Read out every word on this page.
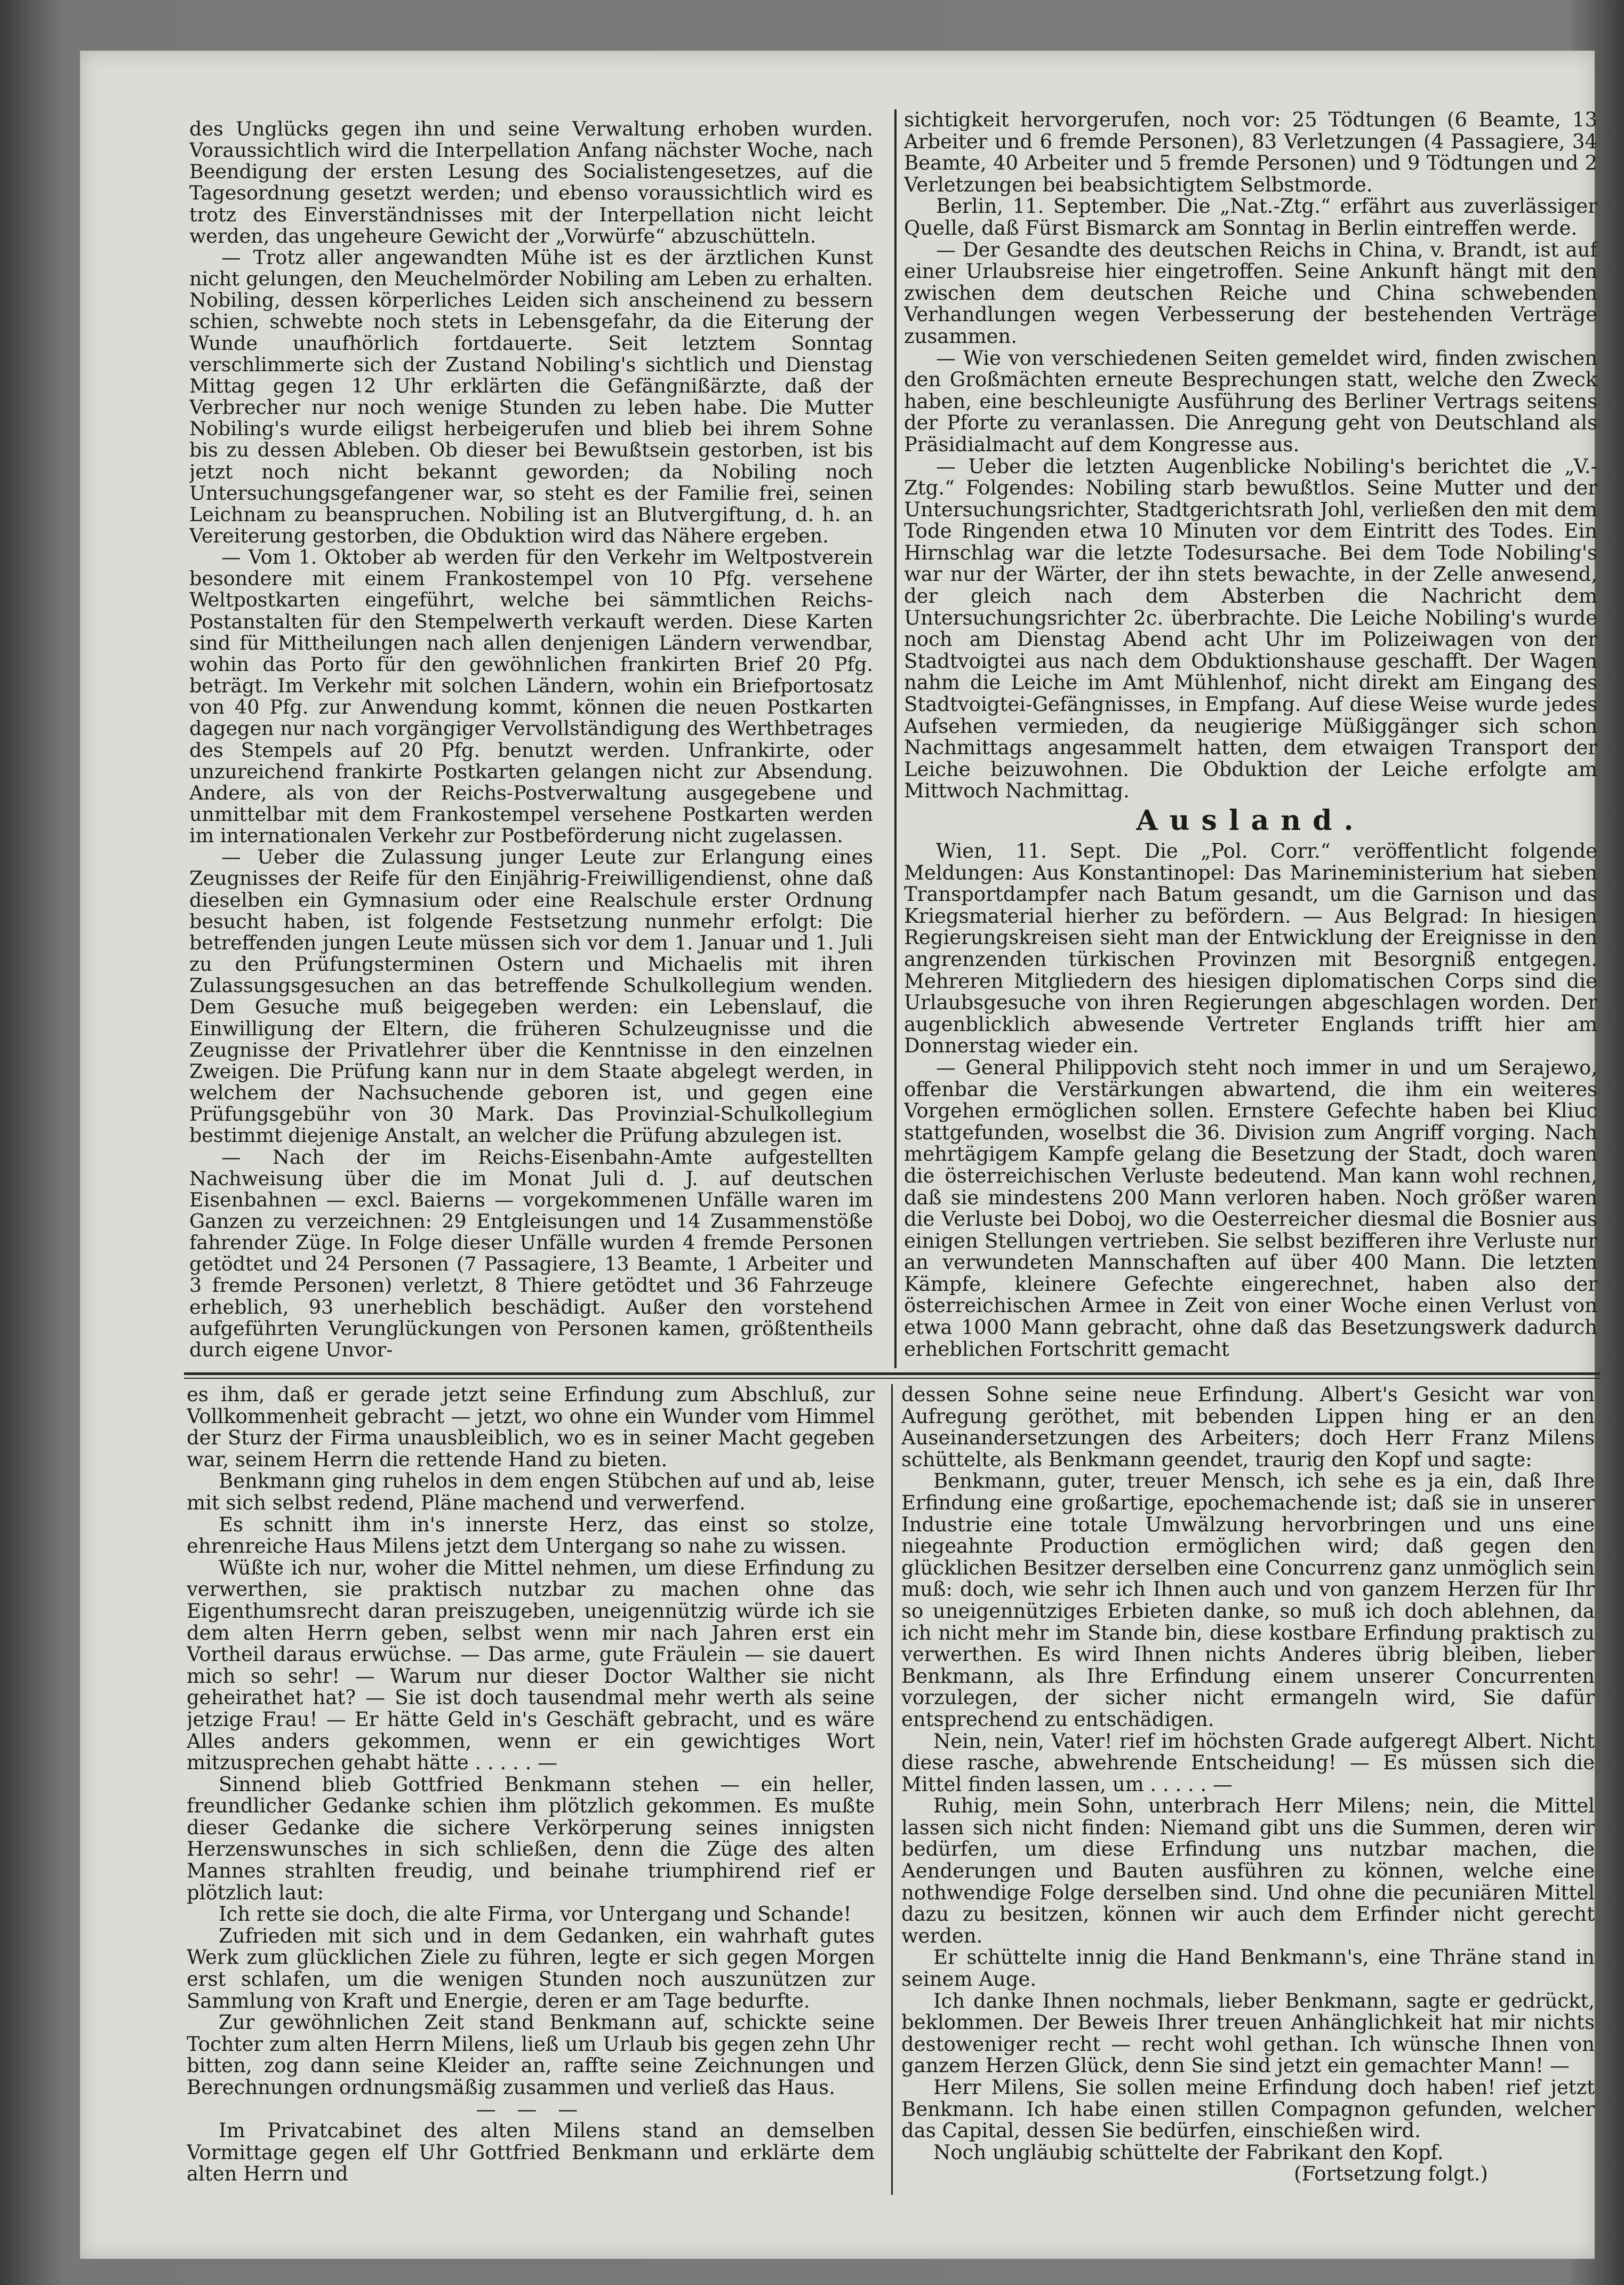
des Unglücks gegen ihn und seine Verwaltung erhoben wurden. Voraussichtlich wird die Interpellation Anfang nächster Woche, nach Beendigung der ersten Lesung des Socialistengesetzes, auf die Tagesordnung gesetzt werden; und ebenso voraussichtlich wird es trotz des Einverständnisses mit der Interpellation nicht leicht werden, das ungeheure Gewicht der „Vorwürfe“ abzuschütteln.

— Trotz aller angewandten Mühe ist es der ärztlichen Kunst nicht gelungen, den Meuchelmörder Nobiling am Leben zu erhalten. Nobiling, dessen körperliches Leiden sich anscheinend zu bessern schien, schwebte noch stets in Lebensgefahr, da die Eiterung der Wunde unaufhörlich fortdauerte. Seit letztem Sonntag verschlimmerte sich der Zustand Nobiling's sichtlich und Dienstag Mittag gegen 12 Uhr erklärten die Gefängnißärzte, daß der Verbrecher nur noch wenige Stunden zu leben habe. Die Mutter Nobiling's wurde eiligst herbeigerufen und blieb bei ihrem Sohne bis zu dessen Ableben. Ob dieser bei Bewußtsein gestorben, ist bis jetzt noch nicht bekannt geworden; da Nobiling noch Untersuchungsgefangener war, so steht es der Familie frei, seinen Leichnam zu beanspruchen. Nobiling ist an Blutvergiftung, d. h. an Vereiterung gestorben, die Obduktion wird das Nähere ergeben.

— Vom 1. Oktober ab werden für den Verkehr im Weltpostverein besondere mit einem Frankostempel von 10 Pfg. versehene Weltpostkarten eingeführt, welche bei sämmtlichen Reichs-Postanstalten für den Stempelwerth verkauft werden. Diese Karten sind für Mittheilungen nach allen denjenigen Ländern verwendbar, wohin das Porto für den gewöhnlichen frankirten Brief 20 Pfg. beträgt. Im Verkehr mit solchen Ländern, wohin ein Briefportosatz von 40 Pfg. zur Anwendung kommt, können die neuen Postkarten dagegen nur nach vorgängiger Vervollständigung des Werthbetrages des Stempels auf 20 Pfg. benutzt werden. Unfrankirte, oder unzureichend frankirte Postkarten gelangen nicht zur Absendung. Andere, als von der Reichs-Postverwaltung ausgegebene und unmittelbar mit dem Frankostempel versehene Postkarten werden im internationalen Verkehr zur Postbeförderung nicht zugelassen.

— Ueber die Zulassung junger Leute zur Erlangung eines Zeugnisses der Reife für den Einjährig-Freiwilligendienst, ohne daß dieselben ein Gymnasium oder eine Realschule erster Ordnung besucht haben, ist folgende Festsetzung nunmehr erfolgt: Die betreffenden jungen Leute müssen sich vor dem 1. Januar und 1. Juli zu den Prüfungsterminen Ostern und Michaelis mit ihren Zulassungsgesuchen an das betreffende Schulkollegium wenden. Dem Gesuche muß beigegeben werden: ein Lebenslauf, die Einwilligung der Eltern, die früheren Schulzeugnisse und die Zeugnisse der Privatlehrer über die Kenntnisse in den einzelnen Zweigen. Die Prüfung kann nur in dem Staate abgelegt werden, in welchem der Nachsuchende geboren ist, und gegen eine Prüfungsgebühr von 30 Mark. Das Provinzial-Schulkollegium bestimmt diejenige Anstalt, an welcher die Prüfung abzulegen ist.

— Nach der im Reichs-Eisenbahn-Amte aufgestellten Nachweisung über die im Monat Juli d. J. auf deutschen Eisenbahnen — excl. Baierns — vorgekommenen Unfälle waren im Ganzen zu verzeichnen: 29 Entgleisungen und 14 Zusammenstöße fahrender Züge. In Folge dieser Unfälle wurden 4 fremde Personen getödtet und 24 Personen (7 Passagiere, 13 Beamte, 1 Arbeiter und 3 fremde Personen) verletzt, 8 Thiere getödtet und 36 Fahrzeuge erheblich, 93 unerheblich beschädigt. Außer den vorstehend aufgeführten Verunglückungen von Personen kamen, größtentheils durch eigene Unvor-

sichtigkeit hervorgerufen, noch vor: 25 Tödtungen (6 Beamte, 13 Arbeiter und 6 fremde Personen), 83 Verletzungen (4 Passagiere, 34 Beamte, 40 Arbeiter und 5 fremde Personen) und 9 Tödtungen und 2 Verletzungen bei beabsichtigtem Selbstmorde.

Berlin, 11. September. Die „Nat.-Ztg.“ erfährt aus zuverlässiger Quelle, daß Fürst Bismarck am Sonntag in Berlin eintreffen werde.

— Der Gesandte des deutschen Reichs in China, v. Brandt, ist auf einer Urlaubsreise hier eingetroffen. Seine Ankunft hängt mit den zwischen dem deutschen Reiche und China schwebenden Verhandlungen wegen Verbesserung der bestehenden Verträge zusammen.

— Wie von verschiedenen Seiten gemeldet wird, finden zwischen den Großmächten erneute Besprechungen statt, welche den Zweck haben, eine beschleunigte Ausführung des Berliner Vertrags seitens der Pforte zu veranlassen. Die Anregung geht von Deutschland als Präsidialmacht auf dem Kongresse aus.

— Ueber die letzten Augenblicke Nobiling's berichtet die „V.-Ztg.“ Folgendes: Nobiling starb bewußtlos. Seine Mutter und der Untersuchungsrichter, Stadtgerichtsrath Johl, verließen den mit dem Tode Ringenden etwa 10 Minuten vor dem Eintritt des Todes. Ein Hirnschlag war die letzte Todesursache. Bei dem Tode Nobiling's war nur der Wärter, der ihn stets bewachte, in der Zelle anwesend, der gleich nach dem Absterben die Nachricht dem Untersuchungsrichter 2c. überbrachte. Die Leiche Nobiling's wurde noch am Dienstag Abend acht Uhr im Polizeiwagen von der Stadtvoigtei aus nach dem Obduktionshause geschafft. Der Wagen nahm die Leiche im Amt Mühlenhof, nicht direkt am Eingang des Stadtvoigtei-Gefängnisses, in Empfang. Auf diese Weise wurde jedes Aufsehen vermieden, da neugierige Müßiggänger sich schon Nachmittags angesammelt hatten, dem etwaigen Transport der Leiche beizuwohnen. Die Obduktion der Leiche erfolgte am Mittwoch Nachmittag.

Ausland.

Wien, 11. Sept. Die „Pol. Corr.“ veröffentlicht folgende Meldungen: Aus Konstantinopel: Das Marineministerium hat sieben Transportdampfer nach Batum gesandt, um die Garnison und das Kriegsmaterial hierher zu befördern. — Aus Belgrad: In hiesigen Regierungskreisen sieht man der Entwicklung der Ereignisse in den angrenzenden türkischen Provinzen mit Besorgniß entgegen. Mehreren Mitgliedern des hiesigen diplomatischen Corps sind die Urlaubsgesuche von ihren Regierungen abgeschlagen worden. Der augenblicklich abwesende Vertreter Englands trifft hier am Donnerstag wieder ein.

— General Philippovich steht noch immer in und um Serajewo, offenbar die Verstärkungen abwartend, die ihm ein weiteres Vorgehen ermöglichen sollen. Ernstere Gefechte haben bei Kliuc stattgefunden, woselbst die 36. Division zum Angriff vorging. Nach mehrtägigem Kampfe gelang die Besetzung der Stadt, doch waren die österreichischen Verluste bedeutend. Man kann wohl rechnen, daß sie mindestens 200 Mann verloren haben. Noch größer waren die Verluste bei Doboj, wo die Oesterreicher diesmal die Bosnier aus einigen Stellungen vertrieben. Sie selbst bezifferen ihre Verluste nur an verwundeten Mannschaften auf über 400 Mann. Die letzten Kämpfe, kleinere Gefechte eingerechnet, haben also der österreichischen Armee in Zeit von einer Woche einen Verlust von etwa 1000 Mann gebracht, ohne daß das Besetzungswerk dadurch erheblichen Fortschritt gemacht

es ihm, daß er gerade jetzt seine Erfindung zum Abschluß, zur Vollkommenheit gebracht — jetzt, wo ohne ein Wunder vom Himmel der Sturz der Firma unausbleiblich, wo es in seiner Macht gegeben war, seinem Herrn die rettende Hand zu bieten.

Benkmann ging ruhelos in dem engen Stübchen auf und ab, leise mit sich selbst redend, Pläne machend und verwerfend.

Es schnitt ihm in's innerste Herz, das einst so stolze, ehrenreiche Haus Milens jetzt dem Untergang so nahe zu wissen.

Wüßte ich nur, woher die Mittel nehmen, um diese Erfindung zu verwerthen, sie praktisch nutzbar zu machen ohne das Eigenthumsrecht daran preiszugeben, uneigennützig würde ich sie dem alten Herrn geben, selbst wenn mir nach Jahren erst ein Vortheil daraus erwüchse. — Das arme, gute Fräulein — sie dauert mich so sehr! — Warum nur dieser Doctor Walther sie nicht geheirathet hat? — Sie ist doch tausendmal mehr werth als seine jetzige Frau! — Er hätte Geld in's Geschäft gebracht, und es wäre Alles anders gekommen, wenn er ein gewichtiges Wort mitzusprechen gehabt hätte . . . . . —

Sinnend blieb Gottfried Benkmann stehen — ein heller, freundlicher Gedanke schien ihm plötzlich gekommen. Es mußte dieser Gedanke die sichere Verkörperung seines innigsten Herzenswunsches in sich schließen, denn die Züge des alten Mannes strahlten freudig, und beinahe triumphirend rief er plötzlich laut:

Ich rette sie doch, die alte Firma, vor Untergang und Schande!

Zufrieden mit sich und in dem Gedanken, ein wahrhaft gutes Werk zum glücklichen Ziele zu führen, legte er sich gegen Morgen erst schlafen, um die wenigen Stunden noch auszunützen zur Sammlung von Kraft und Energie, deren er am Tage bedurfte.

Zur gewöhnlichen Zeit stand Benkmann auf, schickte seine Tochter zum alten Herrn Milens, ließ um Urlaub bis gegen zehn Uhr bitten, zog dann seine Kleider an, raffte seine Zeichnungen und Berechnungen ordnungsmäßig zusammen und verließ das Haus.

— — —

Im Privatcabinet des alten Milens stand an demselben Vormittage gegen elf Uhr Gottfried Benkmann und erklärte dem alten Herrn und

dessen Sohne seine neue Erfindung. Albert's Gesicht war von Aufregung geröthet, mit bebenden Lippen hing er an den Auseinandersetzungen des Arbeiters; doch Herr Franz Milens schüttelte, als Benkmann geendet, traurig den Kopf und sagte:

Benkmann, guter, treuer Mensch, ich sehe es ja ein, daß Ihre Erfindung eine großartige, epochemachende ist; daß sie in unserer Industrie eine totale Umwälzung hervorbringen und uns eine niegeahnte Production ermöglichen wird; daß gegen den glücklichen Besitzer derselben eine Concurrenz ganz unmöglich sein muß: doch, wie sehr ich Ihnen auch und von ganzem Herzen für Ihr so uneigennütziges Erbieten danke, so muß ich doch ablehnen, da ich nicht mehr im Stande bin, diese kostbare Erfindung praktisch zu verwerthen. Es wird Ihnen nichts Anderes übrig bleiben, lieber Benkmann, als Ihre Erfindung einem unserer Concurrenten vorzulegen, der sicher nicht ermangeln wird, Sie dafür entsprechend zu entschädigen.

Nein, nein, Vater! rief im höchsten Grade aufgeregt Albert. Nicht diese rasche, abwehrende Entscheidung! — Es müssen sich die Mittel finden lassen, um . . . . . —

Ruhig, mein Sohn, unterbrach Herr Milens; nein, die Mittel lassen sich nicht finden: Niemand gibt uns die Summen, deren wir bedürfen, um diese Erfindung uns nutzbar machen, die Aenderungen und Bauten ausführen zu können, welche eine nothwendige Folge derselben sind. Und ohne die pecuniären Mittel dazu zu besitzen, können wir auch dem Erfinder nicht gerecht werden.

Er schüttelte innig die Hand Benkmann's, eine Thräne stand in seinem Auge.

Ich danke Ihnen nochmals, lieber Benkmann, sagte er gedrückt, beklommen. Der Beweis Ihrer treuen Anhänglichkeit hat mir nichts destoweniger recht — recht wohl gethan. Ich wünsche Ihnen von ganzem Herzen Glück, denn Sie sind jetzt ein gemachter Mann! —

Herr Milens, Sie sollen meine Erfindung doch haben! rief jetzt Benkmann. Ich habe einen stillen Compagnon gefunden, welcher das Capital, dessen Sie bedürfen, einschießen wird.

Noch ungläubig schüttelte der Fabrikant den Kopf.

(Fortsetzung folgt.)
